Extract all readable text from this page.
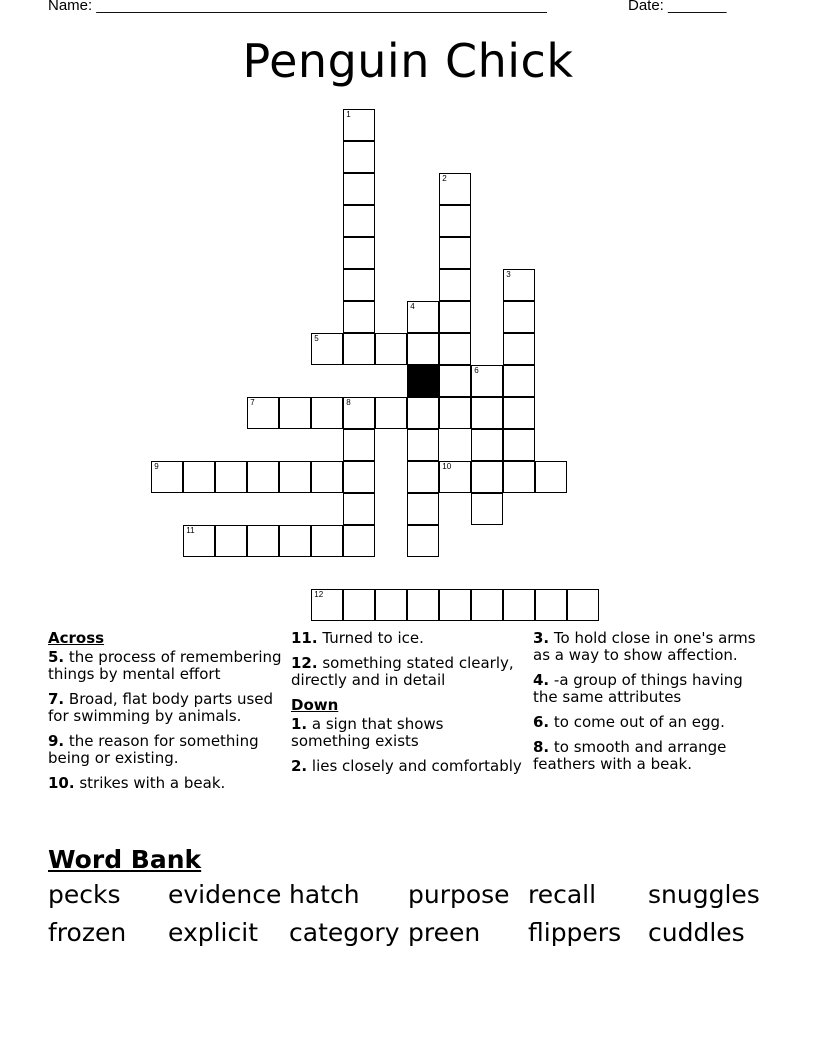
Name: ______________________________________________________	Date: _______
Penguin Chick
1
2
3
4
5
6
7	8
9	10
11
12
Across
5. the process of remembering things by mental effort
7. Broad, flat body parts used for swimming by animals.
9. the reason for something being or existing.
10. strikes with a beak.
11. Turned to ice.
12. something stated clearly, directly and in detail
Down
1. a sign that shows something exists
2. lies closely and comfortably
3. To hold close in one's arms as a way to show affection.
4. -a group of things having the same attributes
6. to come out of an egg.
8. to smooth and arrange feathers with a beak.
Word Bank
pecks evidence hatch purpose recall snuggles
frozen explicit category preen flippers cuddles
